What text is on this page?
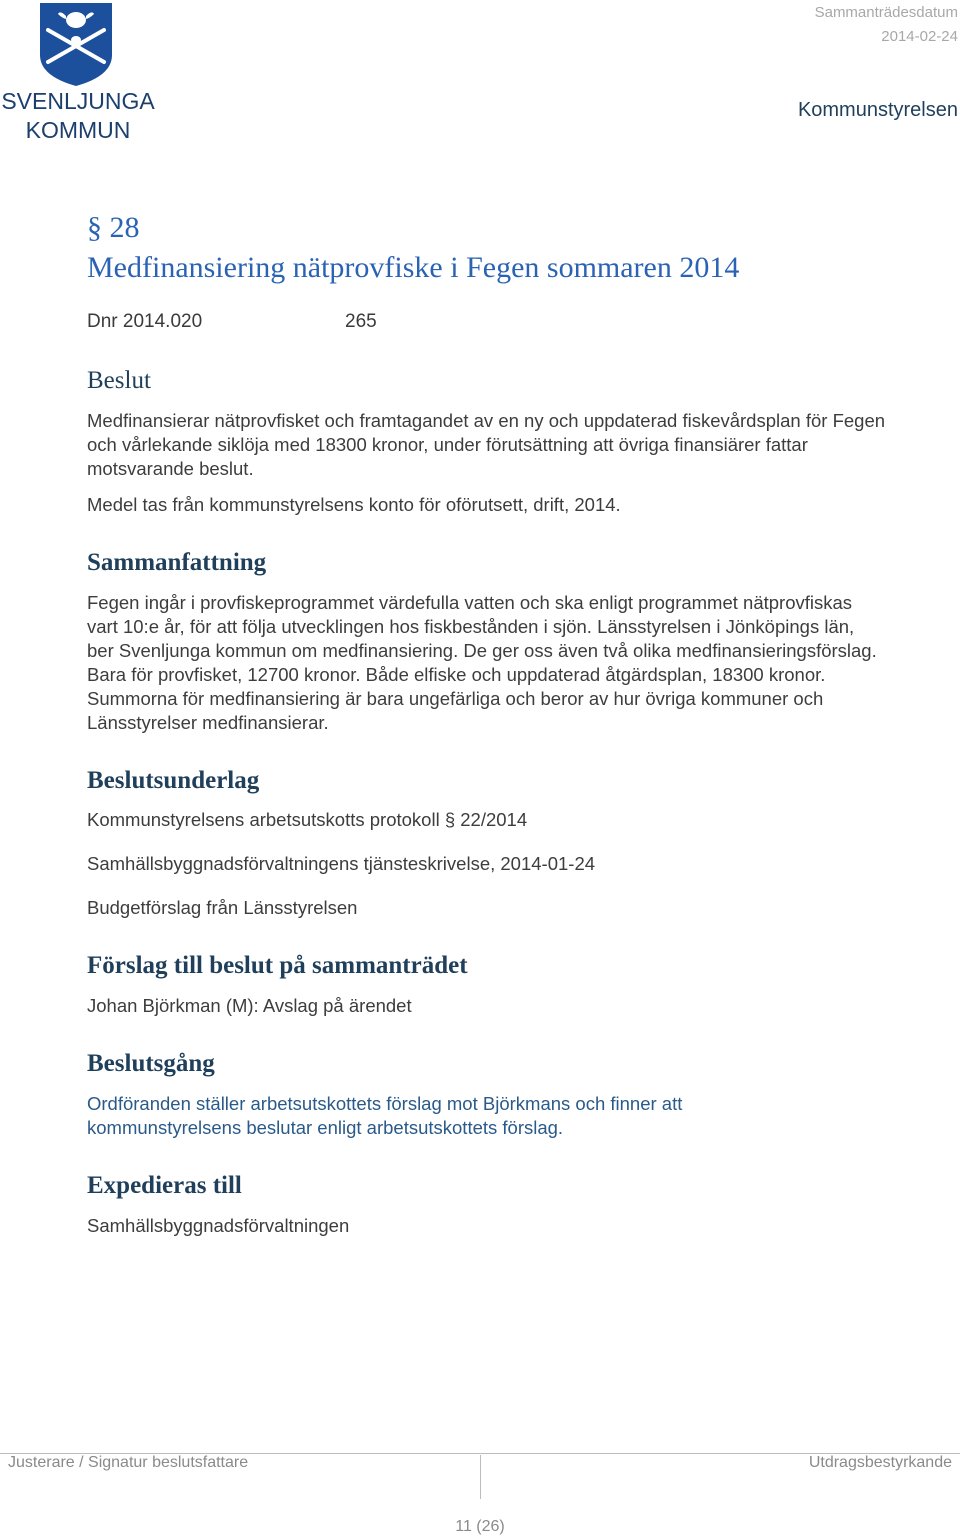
SVENLJUNGA
KOMMUN
Sammanträdesdatum
2014-02-24
Kommunstyrelsen
§ 28
Medfinansiering nätprovfiske i Fegen sommaren 2014
Dnr 2014.020	265
Beslut
Medfinansierar nätprovfisket och framtagandet av en ny och uppdaterad fiskevårdsplan för Fegen och vårlekande siklöja med 18300 kronor, under förutsättning att övriga finansiärer fattar motsvarande beslut.
Medel tas från kommunstyrelsens konto för oförutsett, drift, 2014.
Sammanfattning
Fegen ingår i provfiskeprogrammet värdefulla vatten och ska enligt programmet nätprovfiskas vart 10:e år, för att följa utvecklingen hos fiskbestånden i sjön. Länsstyrelsen i Jönköpings län, ber Svenljunga kommun om medfinansiering. De ger oss även två olika medfinansieringsförslag. Bara för provfisket, 12700 kronor. Både elfiske och uppdaterad åtgärdsplan, 18300 kronor. Summorna för medfinansiering är bara ungefärliga och beror av hur övriga kommuner och Länsstyrelser medfinansierar.
Beslutsunderlag
Kommunstyrelsens arbetsutskotts protokoll § 22/2014
Samhällsbyggnadsförvaltningens tjänsteskrivelse, 2014-01-24
Budgetförslag från Länsstyrelsen
Förslag till beslut på sammanträdet
Johan Björkman (M): Avslag på ärendet
Beslutsgång
Ordföranden ställer arbetsutskottets förslag mot Björkmans och finner att kommunstyrelsens beslutar enligt arbetsutskottets förslag.
Expedieras till
Samhällsbyggnadsförvaltningen
Justerare / Signatur beslutsfattare	Utdragsbestyrkande
11 (26)
